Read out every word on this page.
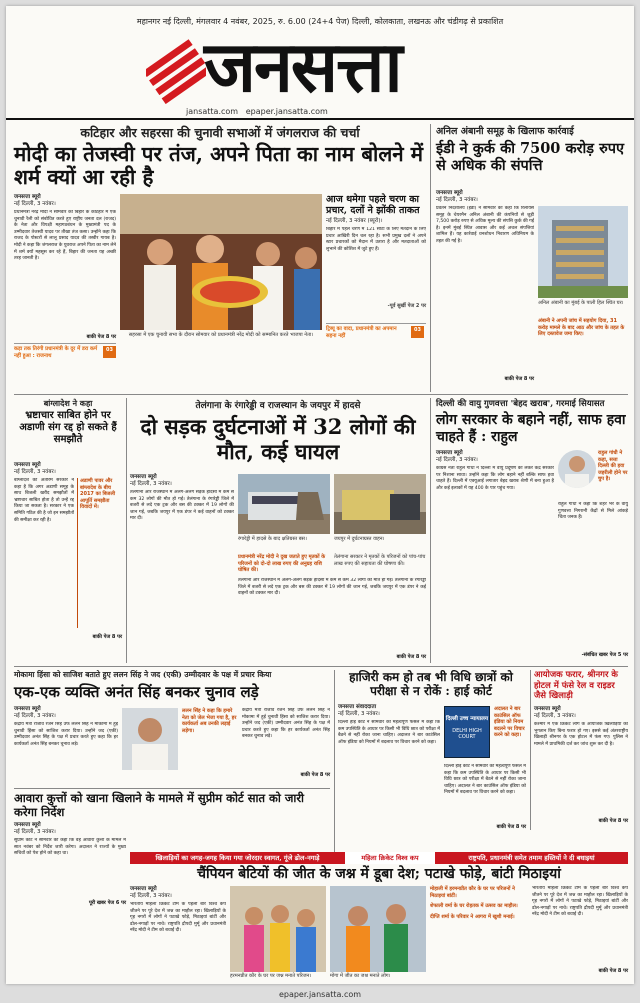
महानगर नई दिल्ली, मंगलवार 4 नवंबर, 2025, रु. 6.00 (24+4 पेज) दिल्ली, कोलकाता, लखनऊ और चंडीगढ़ से प्रकाशित
जनसत्ता
jansatta.com epaper.jansatta.com
कटिहार और सहरसा की चुनावी सभाओं में जंगलराज की चर्चा
मोदी का तेजस्वी पर तंज, अपने पिता का नाम बोलने में शर्म क्यों आ रही है
जनसत्ता ब्यूरो
नई दिल्ली, 3 नवंबर।
प्रधानमंत्री नरेंद्र मोदी ने सोमवार को बिहार के कटिहार में एक चुनावी रैली को संबोधित करते हुए राष्ट्रीय जनता दल (राजद) के नेता और विपक्षी महागठबंधन के मुख्यमंत्री पद के उम्मीदवार तेजस्वी यादव पर तीखा तंज कसा। उन्होंने कहा कि राजद के पोस्टरों से लालू प्रसाद यादव की तस्वीर गायब है। मोदी ने कहा कि जंगलराज के युवराज अपने पिता का नाम लेने में शर्म क्यों महसूस कर रहे हैं, बिहार की जनता यह अच्छी तरह जानती है।
बाकी पेज 8 पर
कड़ा तक तिरंगी प्रधानमंत्री के दूर में डरा कर्म नहीं हुआ : राजनाथ
03
सहरसा में एक चुनावी सभा के दौरान सोमवार को प्रधानमंत्री नरेंद्र मोदी को सम्मानित करते भाजपा नेता।
आज थमेगा पहले चरण का प्रचार, दलों ने झोंकी ताकत
नई दिल्ली, 3 नवंबर (ब्यूरो)।
बिहार में पहले चरण में 121 सीटों के लिए मतदान के लिए प्रचार आखिरी दिन चल रहा है। सभी प्रमुख दलों ने अपने स्टार प्रचारकों को मैदान में उतारा है और मतदाताओं को लुभाने की कोशिश में जुटे हुए हैं।
-पूर्व सुर्खी पेज 2 पर
ट्रिब्यू का वादा, प्रधानमंत्री का अपमान सहना नहीं
03
अनिल अंबानी समूह के खिलाफ कार्रवाई
ईडी ने कुर्क की 7500 करोड़ रुपए से अधिक की संपत्ति
जनसत्ता ब्यूरो
नई दिल्ली, 3 नवंबर।
प्रवर्तन निदेशालय (ईडी) ने सोमवार को कहा कि रिलायंस समूह के चेयरमैन अनिल अंबानी की कंपनियों से जुड़ी 7,500 करोड़ रुपए से अधिक मूल्य की संपत्ति कुर्क की गई है। इनमें मुंबई स्थित आवास और कई अचल संपत्तियां शामिल हैं। यह कार्रवाई धनशोधन निवारण अधिनियम के तहत की गई है।
बाकी पेज 8 पर
अनिल अंबानी का मुंबई के पाली हिल स्थित घर।
अंबानी ने अपनी जांच में सहयोग दिया, 31 करोड़ मामले के बाद आठ और जांच के तहत के लिए दस्तावेज जमा किए।
दिल्ली की वायु गुणवत्ता 'बेहद खराब', गरमाई सियासत
लोग सरकार के बहाने नहीं, साफ हवा चाहते हैं : राहुल
जनसत्ता ब्यूरो
नई दिल्ली, 3 नवंबर।
कांग्रेस नेता राहुल गांधी ने दिल्ली में वायु प्रदूषण को लेकर केंद्र सरकार पर निशाना साधा। उन्होंने कहा कि लोग बहाने नहीं बल्कि साफ हवा चाहते हैं। दिल्ली में एक्यूआई लगातार बेहद खराब श्रेणी में बना हुआ है और कई इलाकों में यह 400 के पार पहुंच गया।
राहुल गांधी ने कहा, सत्ता दिल्ली की हवा जहरीली होने पर चुप है।
राहुल गांधी ने कहा कि शहर भर के वायु गुणवत्ता निगरानी केंद्रों से मिले आंकड़े चिंता जनक हैं।
-संबंधित खबर पेज 5 पर
बांग्लादेश ने कहा
भ्रष्टाचार साबित होने पर अडाणी संग रद्द हो सकते हैं समझौते
जनसत्ता ब्यूरो
नई दिल्ली, 3 नवंबर।
बांग्लादेश की अंतरिम सरकार ने कहा है कि अगर अडाणी समूह के साथ बिजली खरीद समझौतों में भ्रष्टाचार साबित होता है तो उन्हें रद्द किया जा सकता है। सरकार ने एक समिति गठित की है जो इन समझौतों की समीक्षा कर रही है।
अडाणी पावर और बांग्लादेश के बीच 2017 का बिजली आपूर्ति समझौता विवादों में।
बाकी पेज 8 पर
तेलंगाना के रंगारेड्डी व राजस्थान के जयपुर में हादसे
दो सड़क दुर्घटनाओं में 32 लोगों की मौत, कई घायल
जनसत्ता ब्यूरो
नई दिल्ली, 3 नवंबर।
तेलंगाना और राजस्थान में अलग-अलग सड़क हादसों में कम से कम 32 लोगों की मौत हो गई। तेलंगाना के रंगारेड्डी जिले में बजरी से लदे एक ट्रक और बस की टक्कर में 19 लोगों की जान गई, जबकि जयपुर में एक डंपर ने कई वाहनों को टक्कर मार दी।
रंगारेड्डी में हादसे के बाद क्षतिग्रस्त बस।	जयपुर में दुर्घटनाग्रस्त वाहन।
प्रधानमंत्री नरेंद्र मोदी ने दुख जताते हुए मृतकों के परिजनों को दो-दो लाख रुपए की अनुग्रह राशि घोषित की।
तेलंगाना सरकार ने मृतकों के परिजनों को पांच-पांच लाख रुपए की सहायता की घोषणा की।
तेलंगाना और राजस्थान में अलग-अलग सड़क हादसों में कम से कम 32 लोगों की मौत हो गई। तेलंगाना के रंगारेड्डी जिले में बजरी से लदे एक ट्रक और बस की टक्कर में 19 लोगों की जान गई, जबकि जयपुर में एक डंपर ने कई वाहनों को टक्कर मार दी।
बाकी पेज 8 पर
मोकामा हिंसा को साजिश बताते हुए ललन सिंह ने जद (एकी) उम्मीदवार के पक्ष में प्रचार किया
एक-एक व्यक्ति अनंत सिंह बनकर चुनाव लड़े
जनसत्ता ब्यूरो
नई दिल्ली, 3 नवंबर।
केंद्रीय मंत्री राजीव रंजन सिंह उर्फ ललन सिंह ने मोकामा में हुई चुनावी हिंसा को साजिश करार दिया। उन्होंने जद (एकी) उम्मीदवार अनंत सिंह के पक्ष में प्रचार करते हुए कहा कि हर कार्यकर्ता अनंत सिंह बनकर चुनाव लड़े।
ललन सिंह ने कहा कि हमारे नेता को जेल भेजा गया है, हर कार्यकर्ता अब उनकी लड़ाई लड़ेगा।
केंद्रीय मंत्री राजीव रंजन सिंह उर्फ ललन सिंह ने मोकामा में हुई चुनावी हिंसा को साजिश करार दिया। उन्होंने जद (एकी) उम्मीदवार अनंत सिंह के पक्ष में प्रचार करते हुए कहा कि हर कार्यकर्ता अनंत सिंह बनकर चुनाव लड़े।
बाकी पेज 8 पर
हाजिरी कम हो तब भी विधि छात्रों को परीक्षा से न रोकें : हाई कोर्ट
जनसत्ता संवाददाता
नई दिल्ली, 3 नवंबर।
दिल्ली हाई कोर्ट ने सोमवार को महत्वपूर्ण फैसले में कहा कि कम उपस्थिति के आधार पर किसी भी विधि छात्र को परीक्षा में बैठने से नहीं रोका जाना चाहिए। अदालत ने बार काउंसिल ऑफ इंडिया को नियमों में बदलाव पर विचार करने को कहा।
दिल्ली उच्च न्यायालय
DELHI HIGH COURT
अदालत ने बार काउंसिल ऑफ इंडिया को नियम बदलने पर विचार करने को कहा।
दिल्ली हाई कोर्ट ने सोमवार को महत्वपूर्ण फैसले में कहा कि कम उपस्थिति के आधार पर किसी भी विधि छात्र को परीक्षा में बैठने से नहीं रोका जाना चाहिए। अदालत ने बार काउंसिल ऑफ इंडिया को नियमों में बदलाव पर विचार करने को कहा।
बाकी पेज 8 पर
आयोजक फरार, श्रीनगर के होटल में फंसे रेल व राइडर जैसे खिलाड़ी
जनसत्ता ब्यूरो
नई दिल्ली, 3 नवंबर।
कश्मीर में एक क्रिकेट लीग के आयोजक खिलाड़ियों का भुगतान किए बिना फरार हो गए। इससे कई अंतरराष्ट्रीय खिलाड़ी श्रीनगर के एक होटल में फंस गए। पुलिस ने मामले में प्राथमिकी दर्ज कर जांच शुरू कर दी है।
बाकी पेज 8 पर
आवारा कुत्तों को खाना खिलाने के मामले में सुप्रीम कोर्ट सात को जारी करेगा निर्देश
जनसत्ता ब्यूरो
नई दिल्ली, 3 नवंबर।
सुप्रीम कोर्ट ने सोमवार को कहा कि वह आवारा कुत्तों के मामले में सात नवंबर को निर्देश जारी करेगा। अदालत ने राज्यों के मुख्य सचिवों को पेश होने को कहा था।
पूरी खबर पेज 6 पर
खिलाड़ियों का जगह-जगह किया गया जोरदार स्वागत, गूंजे ढोल-नगाड़े	महिला क्रिकेट विश्व कप	राष्ट्रपति, प्रधानमंत्री समेत तमाम हस्तियों ने दी बधाइयां
चैंपियन बेटियों की जीत के जश्न में डूबा देश; पटाखे फोड़े, बांटी मिठाइयां
जनसत्ता ब्यूरो
नई दिल्ली, 3 नवंबर।
भारतीय महिला क्रिकेट टीम के पहली बार विश्व कप जीतने पर पूरे देश में जश्न का माहौल रहा। खिलाड़ियों के गृह नगरों में लोगों ने पटाखे फोड़े, मिठाइयां बांटीं और ढोल-नगाड़ों पर नाचे। राष्ट्रपति द्रौपदी मुर्मू और प्रधानमंत्री नरेंद्र मोदी ने टीम को बधाई दी।
हरमनप्रीत कौर के घर पर जश्न मनाते परिजन।	मोगा में जीत का जश्न मनाते लोग।
मोहाली में हरमनप्रीत कौर के घर पर परिजनों ने मिठाइयां बांटीं।
शेफाली वर्मा के घर रोहतक में उत्सव का माहौल।
दीप्ति शर्मा के परिवार ने आगरा में खुशी मनाई।
भारतीय महिला क्रिकेट टीम के पहली बार विश्व कप जीतने पर पूरे देश में जश्न का माहौल रहा। खिलाड़ियों के गृह नगरों में लोगों ने पटाखे फोड़े, मिठाइयां बांटीं और ढोल-नगाड़ों पर नाचे। राष्ट्रपति द्रौपदी मुर्मू और प्रधानमंत्री नरेंद्र मोदी ने टीम को बधाई दी।
बाकी पेज 8 पर
epaper.jansatta.com
